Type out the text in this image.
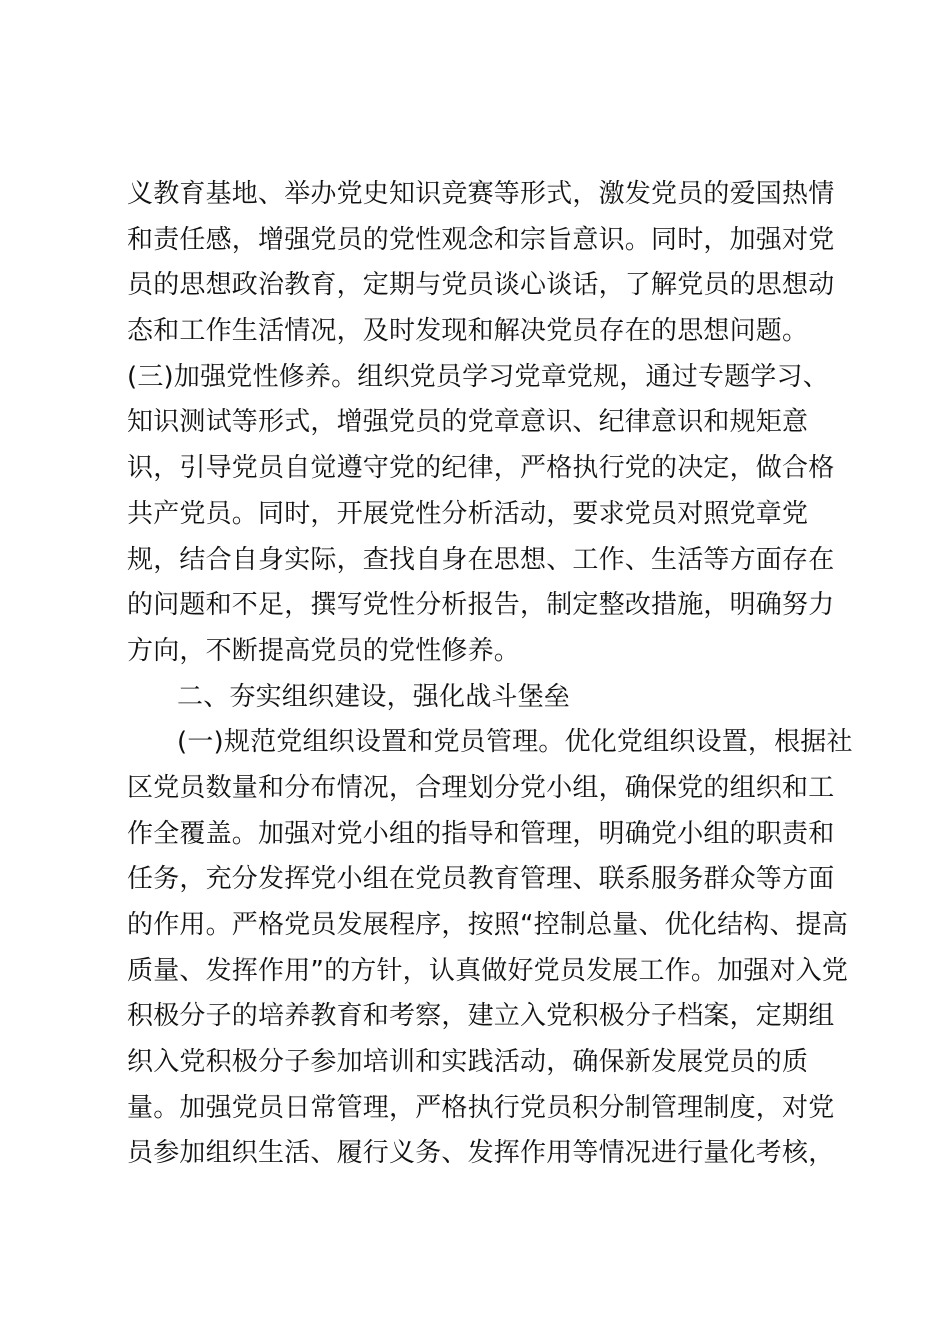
义教育基地、举办党史知识竞赛等形式，激发党员的爱国热情
和责任感，增强党员的党性观念和宗旨意识。同时，加强对党
员的思想政治教育，定期与党员谈心谈话，了解党员的思想动
态和工作生活情况，及时发现和解决党员存在的思想问题。
(三)加强党性修养。组织党员学习党章党规，通过专题学习、
知识测试等形式，增强党员的党章意识、纪律意识和规矩意
识，引导党员自觉遵守党的纪律，严格执行党的决定，做合格
共产党员。同时，开展党性分析活动，要求党员对照党章党
规，结合自身实际，查找自身在思想、工作、生活等方面存在
的问题和不足，撰写党性分析报告，制定整改措施，明确努力
方向，不断提高党员的党性修养。
二、夯实组织建设，强化战斗堡垒
(一)规范党组织设置和党员管理。优化党组织设置，根据社
区党员数量和分布情况，合理划分党小组，确保党的组织和工
作全覆盖。加强对党小组的指导和管理，明确党小组的职责和
任务，充分发挥党小组在党员教育管理、联系服务群众等方面
的作用。严格党员发展程序，按照“控制总量、优化结构、提高
质量、发挥作用”的方针，认真做好党员发展工作。加强对入党
积极分子的培养教育和考察，建立入党积极分子档案，定期组
织入党积极分子参加培训和实践活动，确保新发展党员的质
量。加强党员日常管理，严格执行党员积分制管理制度，对党
员参加组织生活、履行义务、发挥作用等情况进行量化考核，
